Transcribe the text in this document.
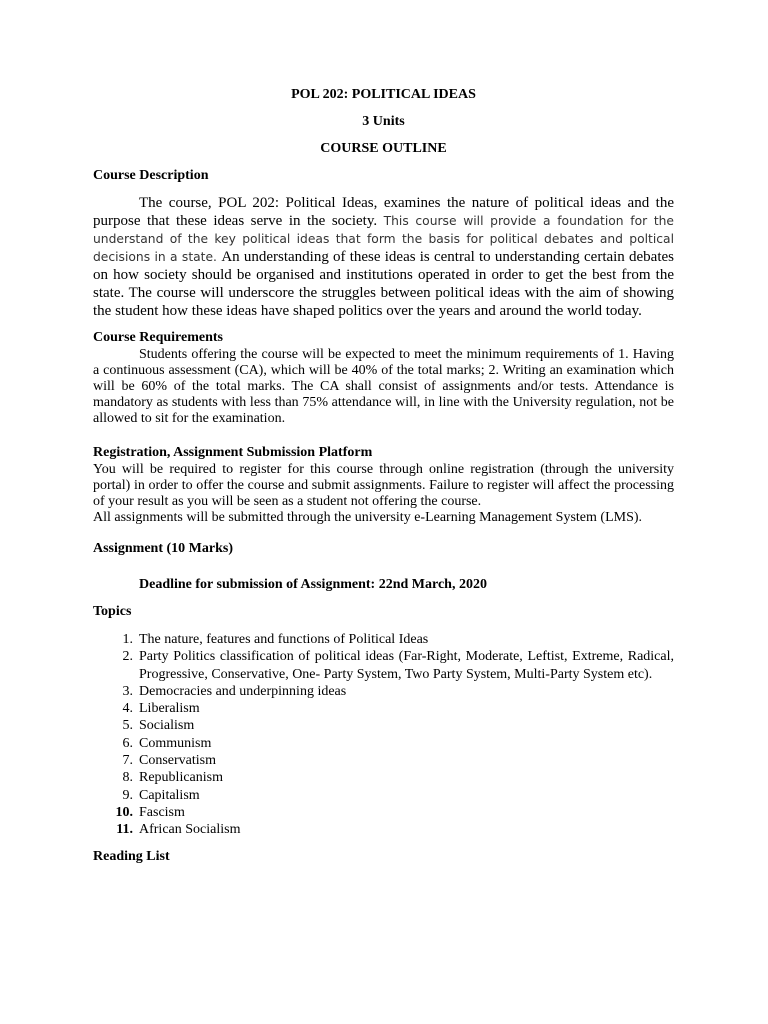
POL 202: POLITICAL IDEAS

3 Units

COURSE OUTLINE

Course Description

The course, POL 202: Political Ideas, examines the nature of political ideas and the purpose that these ideas serve in the society. This course will provide a foundation for the understand of the key political ideas that form the basis for political debates and poltical decisions in a state. An understanding of these ideas is central to understanding certain debates on how society should be organised and institutions operated in order to get the best from the state. The course will underscore the struggles between political ideas with the aim of showing the student how these ideas have shaped politics over the years and around the world today.

Course Requirements

Students offering the course will be expected to meet the minimum requirements of 1. Having a continuous assessment (CA), which will be 40% of the total marks; 2. Writing an examination which will be 60% of the total marks. The CA shall consist of assignments and/or tests. Attendance is mandatory as students with less than 75% attendance will, in line with the University regulation, not be allowed to sit for the examination.

Registration, Assignment Submission Platform

You will be required to register for this course through online registration (through the university portal) in order to offer the course and submit assignments. Failure to register will affect the processing of your result as you will be seen as a student not offering the course.

All assignments will be submitted through the university e-Learning Management System (LMS).

Assignment (10 Marks)

Deadline for submission of Assignment: 22nd March, 2020

Topics

1. The nature, features and functions of Political Ideas
2. Party Politics classification of political ideas (Far-Right, Moderate, Leftist, Extreme, Radical, Progressive, Conservative, One- Party System, Two Party System, Multi-Party System etc).
3. Democracies and underpinning ideas
4. Liberalism
5. Socialism
6. Communism
7. Conservatism
8. Republicanism
9. Capitalism
10. Fascism
11. African Socialism

Reading List
